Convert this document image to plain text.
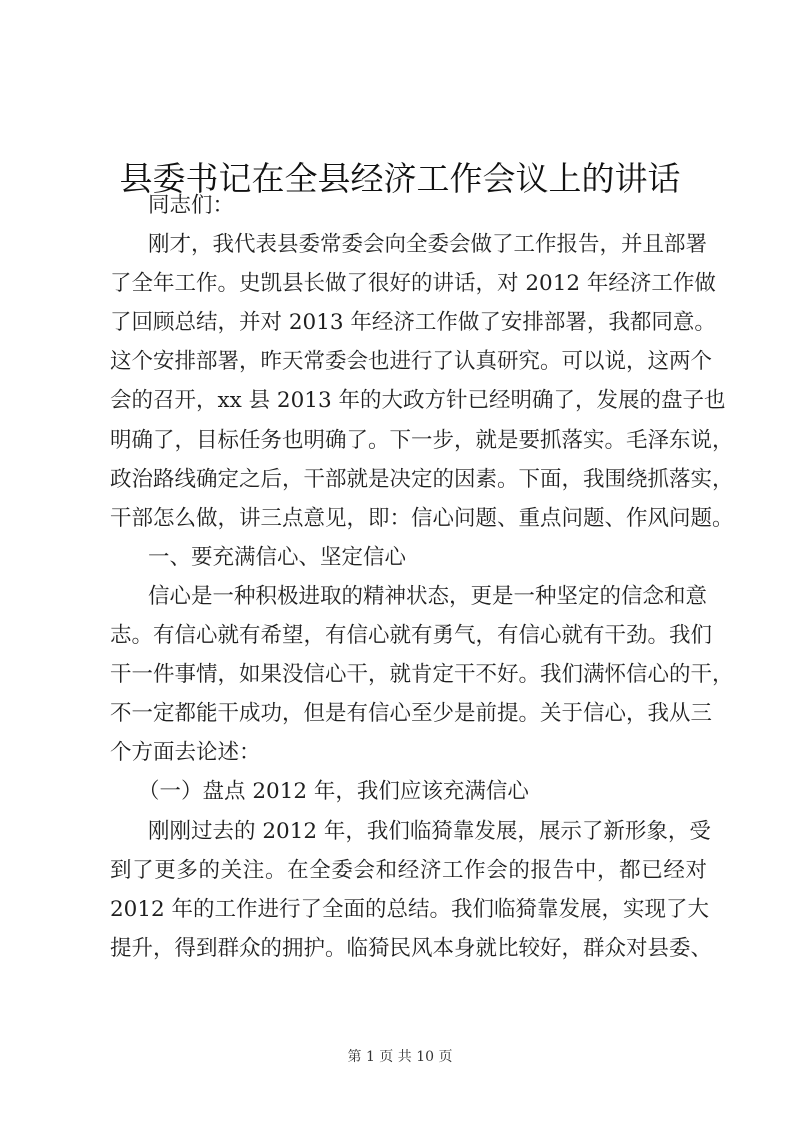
县委书记在全县经济工作会议上的讲话
同志们：
刚才，我代表县委常委会向全委会做了工作报告，并且部署
了全年工作。史凯县长做了很好的讲话，对 2012 年经济工作做
了回顾总结，并对 2013 年经济工作做了安排部署，我都同意。
这个安排部署，昨天常委会也进行了认真研究。可以说，这两个
会的召开，xx 县 2013 年的大政方针已经明确了，发展的盘子也
明确了，目标任务也明确了。下一步，就是要抓落实。毛泽东说，
政治路线确定之后，干部就是决定的因素。下面，我围绕抓落实，
干部怎么做，讲三点意见，即：信心问题、重点问题、作风问题。
一、要充满信心、坚定信心
信心是一种积极进取的精神状态，更是一种坚定的信念和意
志。有信心就有希望，有信心就有勇气，有信心就有干劲。我们
干一件事情，如果没信心干，就肯定干不好。我们满怀信心的干，
不一定都能干成功，但是有信心至少是前提。关于信心，我从三
个方面去论述：
（一）盘点 2012 年，我们应该充满信心
刚刚过去的 2012 年，我们临猗靠发展，展示了新形象，受
到了更多的关注。在全委会和经济工作会的报告中，都已经对
2012 年的工作进行了全面的总结。我们临猗靠发展，实现了大
提升，得到群众的拥护。临猗民风本身就比较好，群众对县委、
第 1 页 共 10 页
